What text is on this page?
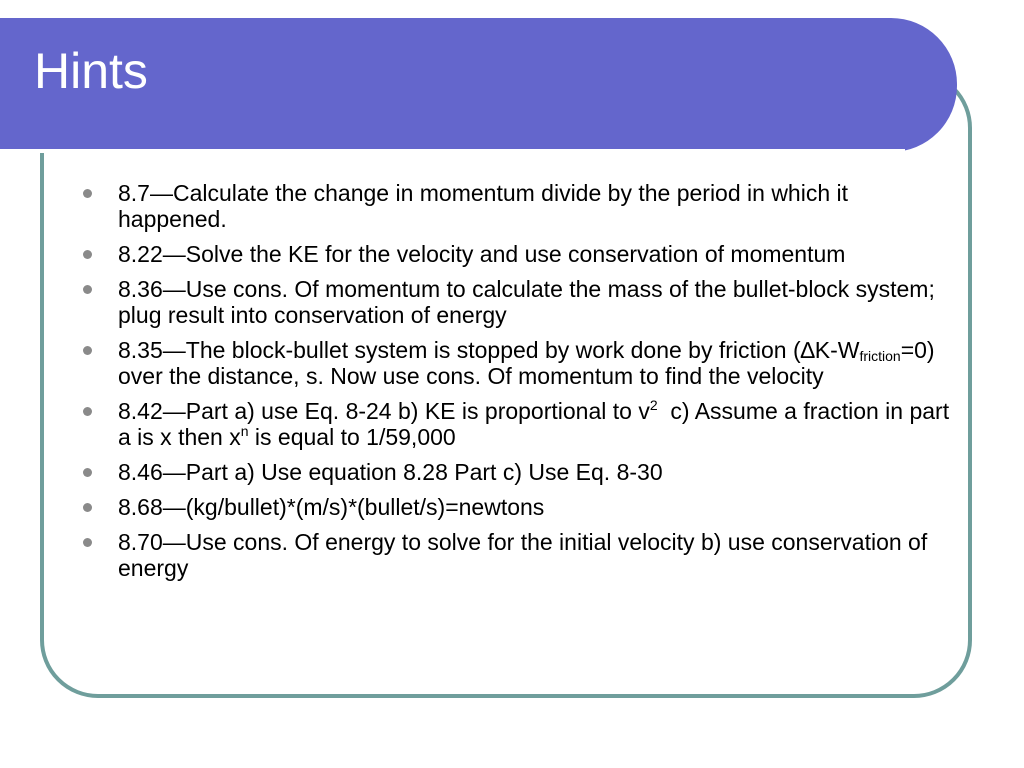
Hints
8.7—Calculate the change in momentum divide by the period in which it happened.
8.22—Solve the KE for the velocity and use conservation of momentum
8.36—Use cons. Of momentum to calculate the mass of the bullet-block system; plug result into conservation of energy
8.35—The block-bullet system is stopped by work done by friction $(\Delta K-W_{friction}=0)$ over the distance, s. Now use cons. Of momentum to find the velocity
8.42—Part a) use Eq. 8-24 b) KE is proportional to $v^2$  c) Assume a fraction in part a is x then $x^n$ is equal to 1/59,000
8.46—Part a) Use equation 8.28 Part c) Use Eq. 8-30
8.68—(kg/bullet)*(m/s)*(bullet/s)=newtons
8.70—Use cons. Of energy to solve for the initial velocity b) use conservation of energy
